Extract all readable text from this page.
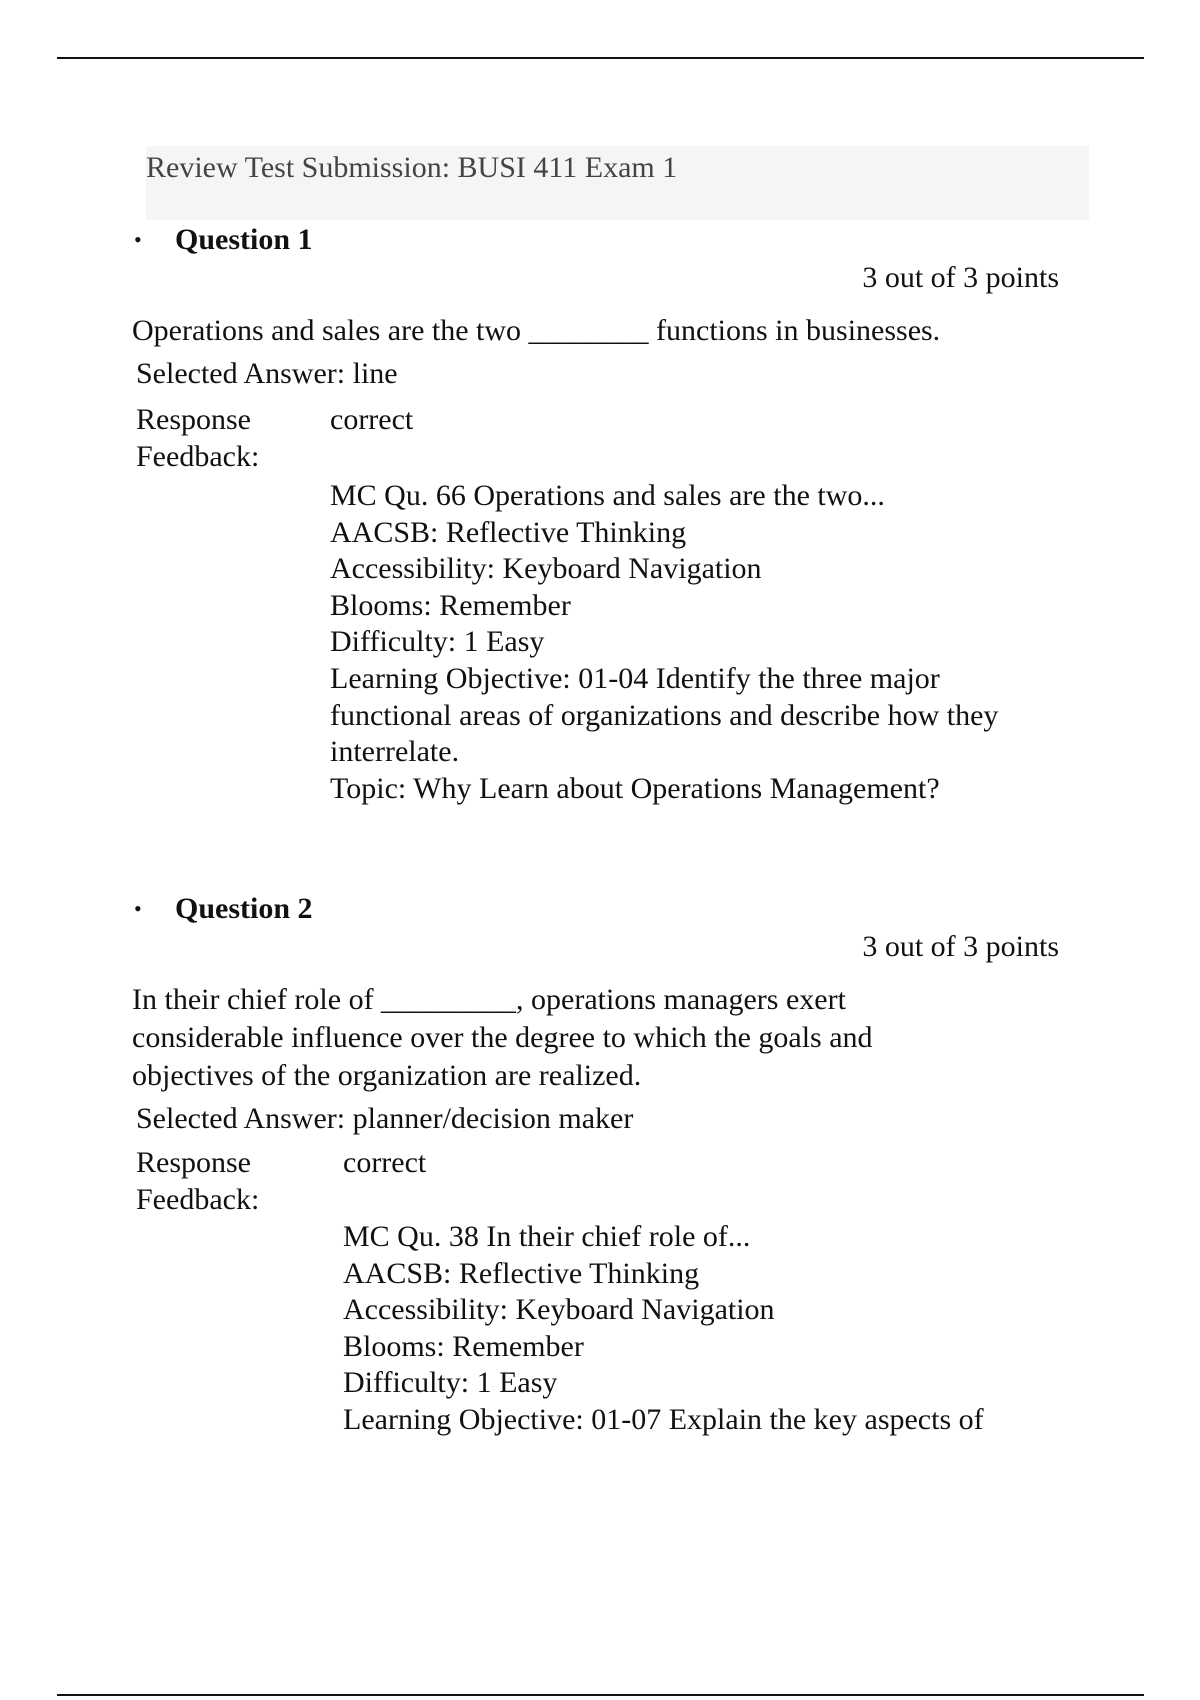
Review Test Submission: BUSI 411 Exam 1
• Question 1
3 out of 3 points
Operations and sales are the two ________ functions in businesses.
Selected Answer: line
Response
Feedback:
correct
MC Qu. 66 Operations and sales are the two...
AACSB: Reflective Thinking
Accessibility: Keyboard Navigation
Blooms: Remember
Difficulty: 1 Easy
Learning Objective: 01-04 Identify the three major
functional areas of organizations and describe how they
interrelate.
Topic: Why Learn about Operations Management?
• Question 2
3 out of 3 points
In their chief role of _________, operations managers exert
considerable influence over the degree to which the goals and
objectives of the organization are realized.
Selected Answer: planner/decision maker
Response
Feedback:
correct
MC Qu. 38 In their chief role of...
AACSB: Reflective Thinking
Accessibility: Keyboard Navigation
Blooms: Remember
Difficulty: 1 Easy
Learning Objective: 01-07 Explain the key aspects of
